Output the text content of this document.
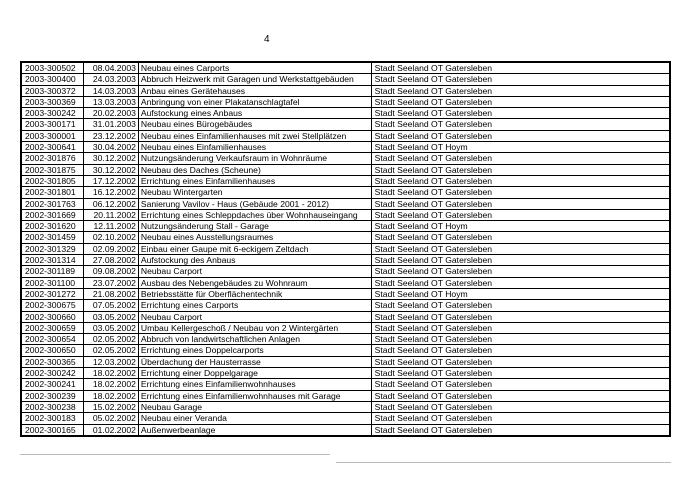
4
2003-300502	08.04.2003	Neubau eines Carports	Stadt Seeland OT Gatersleben
2003-300400	24.03.2003	Abbruch Heizwerk mit Garagen und Werkstattgebäuden	Stadt Seeland OT Gatersleben
2003-300372	14.03.2003	Anbau eines Gerätehauses	Stadt Seeland OT Gatersleben
2003-300369	13.03.2003	Anbringung von einer Plakatanschlagtafel	Stadt Seeland OT Gatersleben
2003-300242	20.02.2003	Aufstockung eines Anbaus	Stadt Seeland OT Gatersleben
2003-300171	31.01.2003	Neubau eines Bürogebäudes	Stadt Seeland OT Gatersleben
2003-300001	23.12.2002	Neubau eines Einfamilienhauses mit zwei Stellplätzen	Stadt Seeland OT Gatersleben
2002-300641	30.04.2002	Neubau eines Einfamilienhauses	Stadt Seeland OT Hoym
2002-301876	30.12.2002	Nutzungsänderung Verkaufsraum in Wohnräume	Stadt Seeland OT Gatersleben
2002-301875	30.12.2002	Neubau des Daches (Scheune)	Stadt Seeland OT Gatersleben
2002-301805	17.12.2002	Errichtung eines Einfamilienhauses	Stadt Seeland OT Gatersleben
2002-301801	16.12.2002	Neubau Wintergarten	Stadt Seeland OT Gatersleben
2002-301763	06.12.2002	Sanierung Vavilov - Haus (Gebäude 2001 - 2012)	Stadt Seeland OT Gatersleben
2002-301669	20.11.2002	Errichtung eines Schleppdaches über Wohnhauseingang	Stadt Seeland OT Gatersleben
2002-301620	12.11.2002	Nutzungsänderung Stall - Garage	Stadt Seeland OT Hoym
2002-301459	02.10.2002	Neubau eines Ausstellungsraumes	Stadt Seeland OT Gatersleben
2002-301329	02.09.2002	Einbau einer Gaupe mit 6-eckigem Zeltdach	Stadt Seeland OT Gatersleben
2002-301314	27.08.2002	Aufstockung des Anbaus	Stadt Seeland OT Gatersleben
2002-301189	09.08.2002	Neubau Carport	Stadt Seeland OT Gatersleben
2002-301100	23.07.2002	Ausbau des Nebengebäudes zu Wohnraum	Stadt Seeland OT Gatersleben
2002-301272	21.08.2002	Betriebsstätte für Oberflächentechnik	Stadt Seeland OT Hoym
2002-300675	07.05.2002	Errichtung eines Carports	Stadt Seeland OT Gatersleben
2002-300660	03.05.2002	Neubau Carport	Stadt Seeland OT Gatersleben
2002-300659	03.05.2002	Umbau Kellergeschoß / Neubau von 2 Wintergärten	Stadt Seeland OT Gatersleben
2002-300654	02.05.2002	Abbruch von landwirtschaftlichen Anlagen	Stadt Seeland OT Gatersleben
2002-300650	02.05.2002	Errichtung eines Doppelcarports	Stadt Seeland OT Gatersleben
2002-300365	12.03.2002	Überdachung der Hausterrasse	Stadt Seeland OT Gatersleben
2002-300242	18.02.2002	Errichtung einer Doppelgarage	Stadt Seeland OT Gatersleben
2002-300241	18.02.2002	Errichtung eines Einfamilienwohnhauses	Stadt Seeland OT Gatersleben
2002-300239	18.02.2002	Errichtung eines Einfamilienwohnhauses mit Garage	Stadt Seeland OT Gatersleben
2002-300238	15.02.2002	Neubau Garage	Stadt Seeland OT Gatersleben
2002-300183	05.02.2002	Neubau einer Veranda	Stadt Seeland OT Gatersleben
2002-300165	01.02.2002	Außenwerbeanlage	Stadt Seeland OT Gatersleben
